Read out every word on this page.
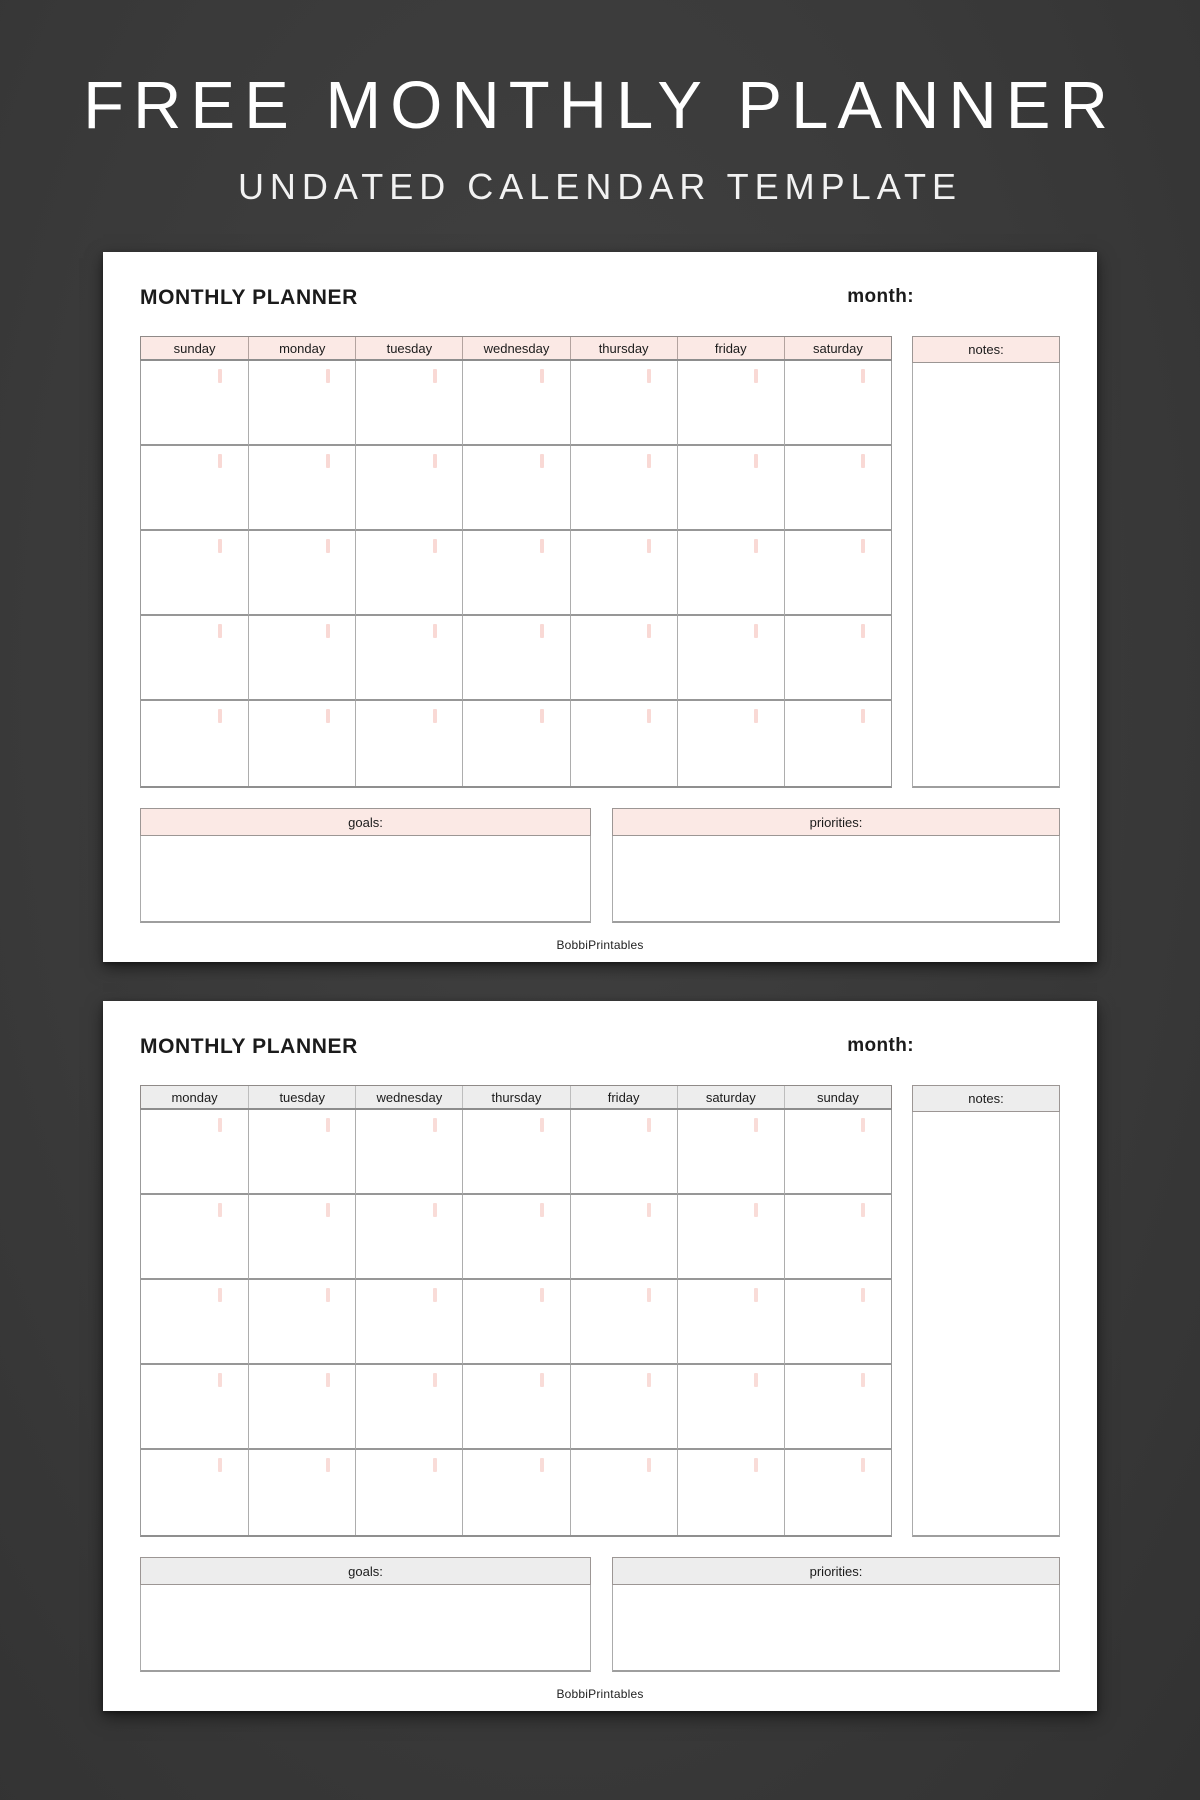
FREE MONTHLY PLANNER
UNDATED CALENDAR TEMPLATE
MONTHLY PLANNER	month:
sunday	monday	tuesday	wednesday	thursday	friday	saturday	notes:
goals:	priorities:
BobbiPrintables
MONTHLY PLANNER	month:
monday	tuesday	wednesday	thursday	friday	saturday	sunday	notes:
goals:	priorities:
BobbiPrintables
